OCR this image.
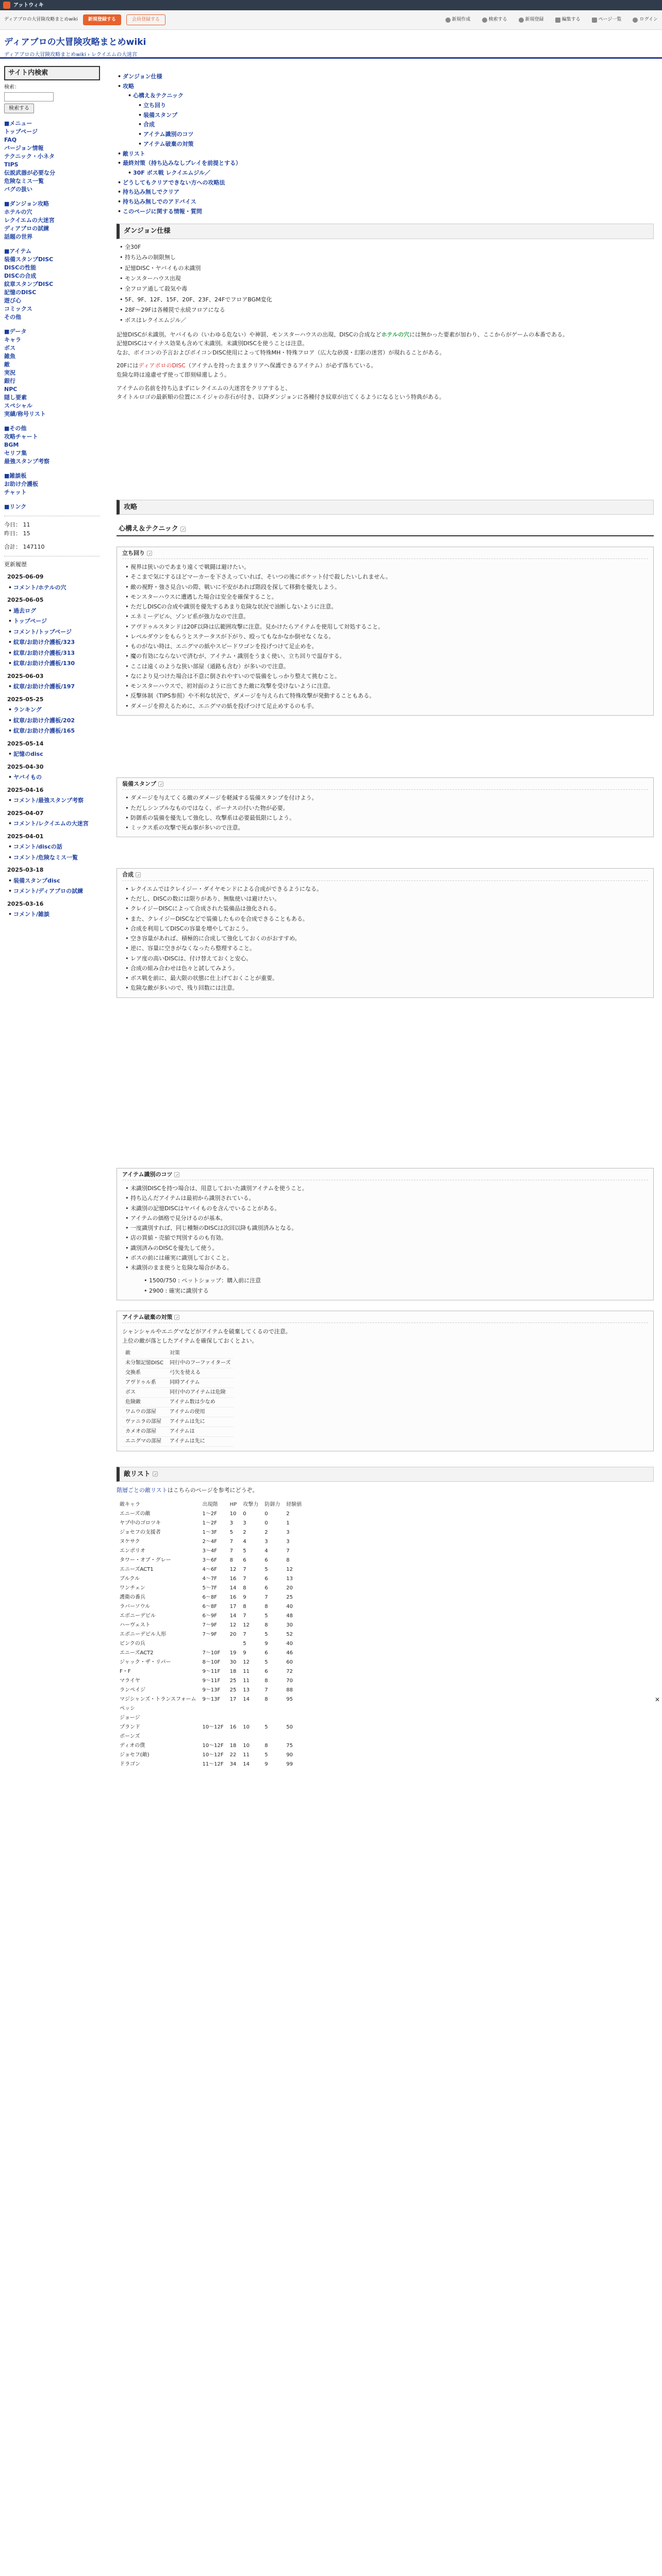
アットウィキ
ディアブロの大冒険攻略まとめwiki	新規登録する	会員登録する	新規作成	検索する	新規登録	編集する	ページ一覧	ログイン
ディアブロの大冒険攻略まとめwiki
ディアブロの大冒険攻略まとめwiki › レクイエムの大迷宮
サイト内検索
検索：
検索する
■メニュー
トップページ
FAQ
バージョン情報
テクニック・小ネタ
TIPS
伝説武器が必要な分
危険なミス一覧
バグの扱い
■ダンジョン攻略
ホテルの穴
レクイエムの大迷宮
ディアブロの試練
話題の世界
■アイテム
装備スタンプDISC
DISCの性能
DISCの合成
紋章スタンプDISC
記憶のDISC
遊び心
コミックス
その他
■データ
キャラ
ボス
雑魚
敵
実況
銀行
NPC
隠し要素
スペシャル
実績/称号リスト
■その他
攻略チャート
BGM
セリフ集
最強スタンプ考察
■雑談板
お助け介護板
チャット
■リンク
今日： 11
昨日： 15
合計： 147110
更新履歴
2025-06-09
• コメント/ホテルの穴
2025-06-05
• 過去ログ
• トップページ
• コメント/トップページ
• 紋章/お助け介護板/323
• 紋章/お助け介護板/313
• 紋章/お助け介護板/130
2025-06-03
• 紋章/お助け介護板/197
2025-05-25
• ランキング
• 紋章/お助け介護板/202
• 紋章/お助け介護板/165
2025-05-14
• 記憶のdisc
2025-04-30
• ヤバイもの
2025-04-16
• コメント/最強スタンプ考察
2025-04-07
• コメント/レクイエムの大迷宮
2025-04-01
• コメント/discの話
• コメント/危険なミス一覧
2025-03-18
• 装備スタンプdisc
• コメント/ディアブロの試練
2025-03-16
• コメント/雑談
• ダンジョン仕様
• 攻略
• 心構え＆テクニック
• 立ち回り
• 装備スタンプ
• 合成
• アイテム識別のコツ
• アイテム破棄の対策
• 敵リスト
• 最終対策（持ち込みなしプレイを前提とする）
• 30F ボス戦 レクイエムジル／
• どうしてもクリアできない方への攻略法
• 持ち込み無しでクリア
• 持ち込み無しでのアドバイス
• このページに関する情報・質問
ダンジョン仕様
• 全30F
• 持ち込みの制限無し
• 記憶DISC・ヤバイもの未識別
• モンスターハウス出現
• 全フロア通して殺気や毒
• 5F、9F、12F、15F、20F、23F、24FでフロアBGM変化
• 28F〜29Fは各種罠で永続フロアになる
• ボスはレクイエムジル／
記憶DISCが未識別。ヤバイもの（いわゆる危ない）や神罰、モンスターハウスの出現、DISCの合成などホテルの穴には無かった要素が加わり、ここからがゲームの本番である。
記憶DISCはマイナス効果も含めて未識別。未識別DISCを使うことは注意。
なお、ボイコンの予言およびボイコンDISC使用によって特殊MH・特殊フロア（広大な砂漠・幻影の迷宮）が現れることがある。
20FにはディアボロのDISC（アイテムを持ったままクリアへ保護できるアイテム）が必ず落ちている。
危険な時は遠慮せず使って即刻帰還しよう。
アイテムの名前を持ち込まずにレクイエムの大迷宮をクリアすると、
タイトルロゴの最新順の位置にエイジャの赤石が付き、以降ダンジョンに各種付き紋章が出てくるようになるという特典がある。
攻略
心構え＆テクニック
立ち回り
• 視界は狭いのであまり遠くで戦闘は避けたい。
• そこまで気にするほどマーカーを下さえっていれば、そいつの後にポケット付で殺したいしれません。
• 敵の視野・強さ見合いの際、戦いに不安があれば階段を探して移動を優先しよう。
• モンスターハウスに遭遇した場合は安全を確保すること。
• ただしDISCの合成や識別を優先するあまり危険な状況で油断しないように注意。
• エネミーデビル、ゾンビ系が強力なので注意。
• アヴドゥルスタンドは20F以降は広範囲攻撃に注意。見かけたらアイテムを使用して対処すること。
• レベルダウンをもらうとステータスが下がり、殴ってもなかなか倒せなくなる。
• ものがない時は、エニグマの紙やスピードワゴンを投げつけて足止めを。
• 魔の有効にならないで済むが、アイテム・識別をうまく使い、立ち回りで温存する。
• ここは遠くのような狭い部屋（通路も含む）が多いので注意。
• なにより見つけた場合は不意に倒されやすいので装備をしっかり整えて挑むこと。
• モンスターハウスで、初対面のように出てきた敵に攻撃を受けないように注意。
• 反撃体制（TIPS参照）や不利な状況で、ダメージを与えられて特殊攻撃が発動することもある。
• ダメージを抑えるために、エニグマの紙を投げつけて足止めするのも手。
装備スタンプ
• ダメージを与えてくる敵のダメージを軽減する装備スタンプを付けよう。
• ただしシンプルなものではなく、ボーナスの付いた物が必要。
• 防御系の装備を優先して強化し、攻撃系は必要最低限にしよう。
• ミックス系の攻撃で死ぬ事が多いので注意。
合成
• レクイエムではクレイジー・ダイヤモンドによる合成ができるようになる。
• ただし、DISCの数には限りがあり、無駄使いは避けたい。
• クレイジーDISCによって合成された装備品は強化される。
• また、クレイジーDISCなどで装備したものを合成できることもある。
• 合成を利用してDISCの容量を増やしておこう。
• 空き容量があれば、積極的に合成して強化しておくのがおすすめ。
• 逆に、容量に空きがなくなったら整理すること。
• レア度の高いDISCは、付け替えておくと安心。
• 合成の組み合わせは色々と試してみよう。
• ボス戦を前に、最大限の状態に仕上げておくことが重要。
• 危険な敵が多いので、残り回数には注意。
アイテム識別のコツ
• 未識別DISCを持つ場合は、用意しておいた識別アイテムを使うこと。
• 持ち込んだアイテムは最初から識別されている。
• 未識別の記憶DISCはヤバイものを含んでいることがある。
• アイテムの価格で見分けるのが基本。
• 一度識別すれば、同じ種類のDISCは次回以降も識別済みとなる。
• 店の買値・売値で判別するのも有効。
• 識別済みのDISCを優先して使う。
• ボスの前には確実に識別しておくこと。
• 未識別のまま使うと危険な場合がある。
• 1500/750 : ペットショップ：購入前に注意
• 2900 : 確実に識別する
アイテム破棄の対策
シャンシャルやエニグマなどがアイテムを破棄してくるので注意。
上位の敵が落としたアイテムを確保しておくとよい。
敵	対策
未分類記憶DISC	同行中のフーファイターズ
交換系	弓矢を使える
アヴドゥル系	同時アイテム
ボス	同行中のアイテムは危険
危険敵	アイテム数は少なめ
ワムウの部屋	アイテムの使用
ヴァニラの部屋	アイテムは先に
カメオの部屋	アイテムは
エニグマの部屋	アイテムは先に
敵リスト
階層ごとの敵リストはこちらのページを参考にどうぞ。
敵キャラ	出現階	HP	攻撃力	防御力	経験値
エニーズの敵	1〜2F	10	0	0	2
ヤプ中のゴロツキ	1〜2F	3	3	0	1
ジョセフの支援者	1〜3F	5	2	2	3
ヌケサク	2〜4F	7	4	3	3
エンポリオ	3〜4F	7	5	4	7
タワー・オブ・グレー	3〜6F	8	6	6	8
エニーズACT1	4〜6F	12	7	5	12
ブルクル	4〜7F	16	7	6	13
ワンチェン	5〜7F	14	8	6	20
護衛の番兵	6〜8F	16	9	7	25
ラバーソウル	6〜8F	17	8	8	40
エボニーデビル	6〜9F	14	7	5	48
ハーヴェスト	7〜9F	12	12	8	30
エボニーデビル人形	7〜9F	20	7	5	52
ピンクの兵			5	9	40
エニーズACT2	7〜10F	19	9	6	46
ジャック・ザ・リパー	8〜10F	30	12	5	60
F・F	9〜11F	18	11	6	72
マライヤ	9〜11F	25	11	8	70
ランペイジ	9〜13F	25	13	7	88
マジシャンズ・トランスフォーム	9〜13F	17	14	8	95
ペッシ					
ジョージ					
プランド	10〜12F	16	10	5	50
ボーンズ					
ディオの僕	10〜12F	18	10	8	75
ジョセフ(敵)	10〜12F	22	11	5	90
ドラゴン	11〜12F	34	14	9	99
✕
